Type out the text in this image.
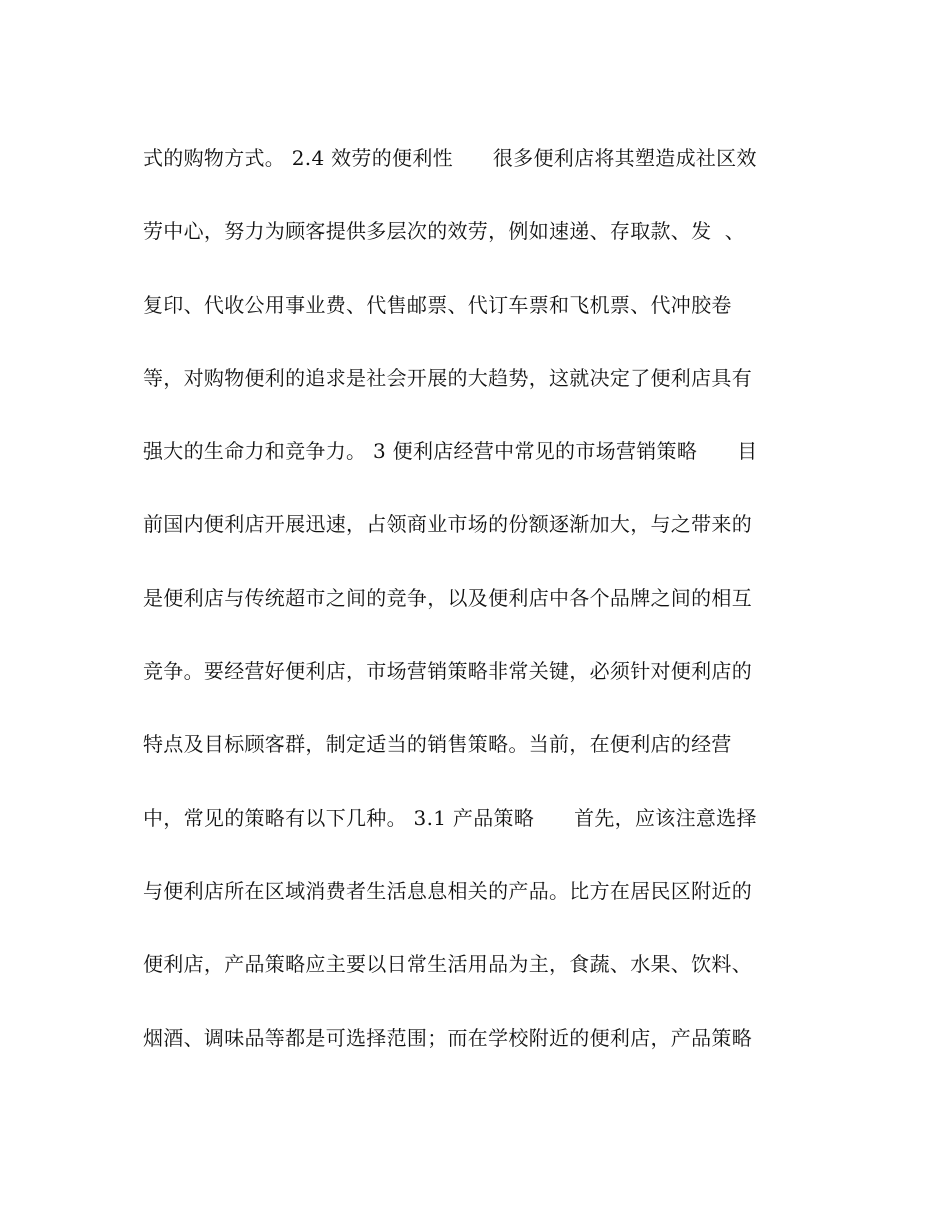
式的购物方式。 2.4 效劳的便利性      很多便利店将其塑造成社区效
劳中心，努力为顾客提供多层次的效劳，例如速递、存取款、发  、
复印、代收公用事业费、代售邮票、代订车票和飞机票、代冲胶卷
等，对购物便利的追求是社会开展的大趋势，这就决定了便利店具有
强大的生命力和竞争力。 3 便利店经营中常见的市场营销策略      目
前国内便利店开展迅速，占领商业市场的份额逐渐加大，与之带来的
是便利店与传统超市之间的竞争，以及便利店中各个品牌之间的相互
竞争。要经营好便利店，市场营销策略非常关键，必须针对便利店的
特点及目标顾客群，制定适当的销售策略。当前，在便利店的经营
中，常见的策略有以下几种。 3.1 产品策略      首先，应该注意选择
与便利店所在区域消费者生活息息相关的产品。比方在居民区附近的
便利店，产品策略应主要以日常生活用品为主，食蔬、水果、饮料、
烟酒、调味品等都是可选择范围；而在学校附近的便利店，产品策略
